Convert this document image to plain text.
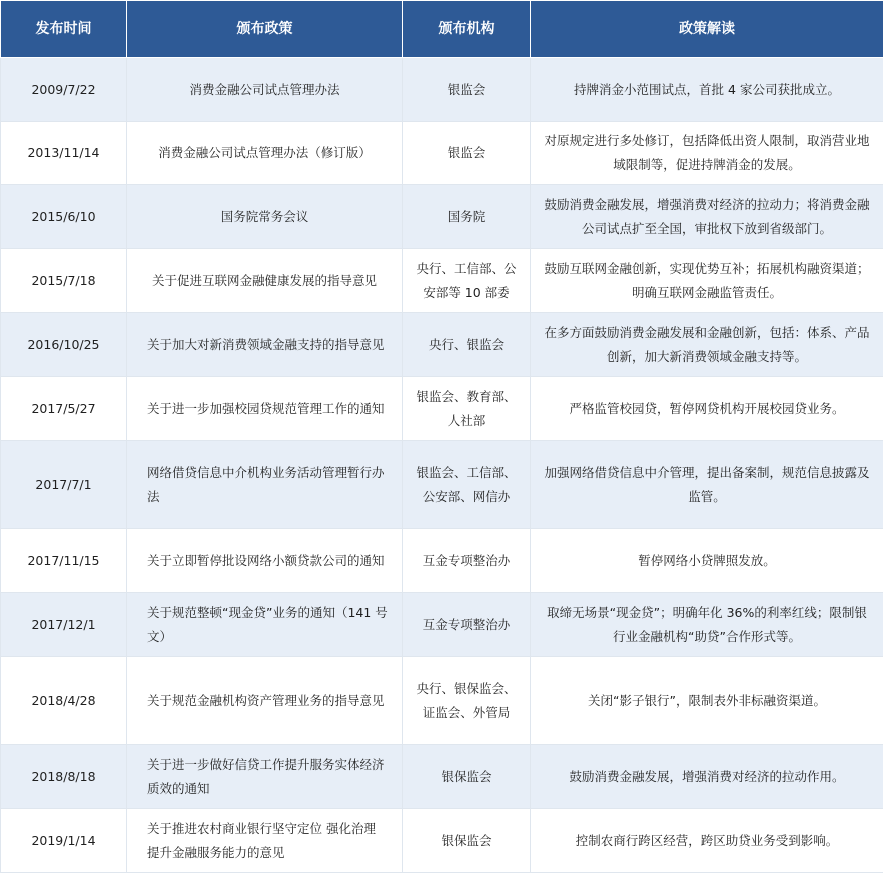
发布时间	颁布政策	颁布机构	政策解读
2009/7/22	消费金融公司试点管理办法	银监会	持牌消金小范围试点，首批 4 家公司获批成立。
2013/11/14	消费金融公司试点管理办法（修订版）	银监会	对原规定进行多处修订，包括降低出资人限制，取消营业地域限制等，促进持牌消金的发展。
2015/6/10	国务院常务会议	国务院	鼓励消费金融发展，增强消费对经济的拉动力；将消费金融公司试点扩至全国，审批权下放到省级部门。
2015/7/18	关于促进互联网金融健康发展的指导意见	央行、工信部、公安部等 10 部委	鼓励互联网金融创新，实现优势互补；拓展机构融资渠道；明确互联网金融监管责任。
2016/10/25	关于加大对新消费领域金融支持的指导意见	央行、银监会	在多方面鼓励消费金融发展和金融创新，包括：体系、产品创新，加大新消费领域金融支持等。
2017/5/27	关于进一步加强校园贷规范管理工作的通知	银监会、教育部、人社部	严格监管校园贷，暂停网贷机构开展校园贷业务。
2017/7/1	网络借贷信息中介机构业务活动管理暂行办法	银监会、工信部、公安部、网信办	加强网络借贷信息中介管理，提出备案制，规范信息披露及监管。
2017/11/15	关于立即暂停批设网络小额贷款公司的通知	互金专项整治办	暂停网络小贷牌照发放。
2017/12/1	关于规范整顿“现金贷”业务的通知（141 号文）	互金专项整治办	取缔无场景“现金贷”；明确年化 36%的利率红线；限制银行业金融机构“助贷”合作形式等。
2018/4/28	关于规范金融机构资产管理业务的指导意见	央行、银保监会、证监会、外管局	关闭“影子银行”，限制表外非标融资渠道。
2018/8/18	关于进一步做好信贷工作提升服务实体经济质效的通知	银保监会	鼓励消费金融发展，增强消费对经济的拉动作用。
2019/1/14	关于推进农村商业银行坚守定位 强化治理 提升金融服务能力的意见	银保监会	控制农商行跨区经营，跨区助贷业务受到影响。
